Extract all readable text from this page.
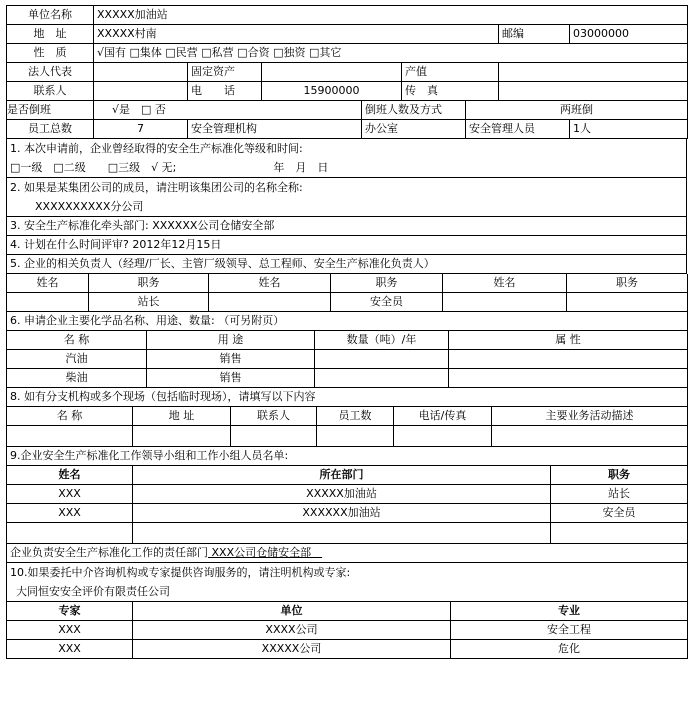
单位名称	XXXXX加油站							
地　址	XXXXX村南						邮编	03000000
性　质	√国有 □集体 □民营 □私营 □合资 □独资 □其它							
法人代表		固定资产			产值			
联系人		电　　话	15900000		传　真			
是否倒班	√是　□ 否			倒班人数及方式		两班倒		
员工总数	7	安全管理机构		办公室		安全管理人员		1人
1. 本次申请前，企业曾经取得的安全生产标准化等级和时间:
□一级　□二级　　□三级　√ 无;	年　月　日

2. 如果是某集团公司的成员，请注明该集团公司的名称全称:
XXXXXXXXXX分公司

3. 安全生产标准化牵头部门: XXXXXX公司仓储安全部
4. 计划在什么时间评审? 2012年12月15日
5. 企业的相关负责人（经理/厂长、主管厂级领导、总工程师、安全生产标准化负责人）
姓名	职务	姓名	职务	姓名	职务
	站长		安全员		
6. 申请企业主要化学品名称、用途、数量: （可另附页）					
名 称	用 途	数量（吨）/年	属 性
汽油	销售		
柴油	销售		
8. 如有分支机构或多个现场（包括临时现场），请填写以下内容			
名 称	地 址	联系人	员工数	电话/传真	主要业务活动描述

9.企业安全生产标准化工作领导小组和工作小组人员名单:					
姓名	所在部门	职务
XXX	XXXXX加油站	站长
XXX	XXXXXX加油站	安全员

企业负责安全生产标准化工作的责任部门 XXX公司仓储安全部　		

10.如果委托中介咨询机构或专家提供咨询服务的，请注明机构或专家:
大同恒安安全评价有限责任公司		
专家	单位	专业
XXX	XXXX公司	安全工程
XXX	XXXXX公司	危化
